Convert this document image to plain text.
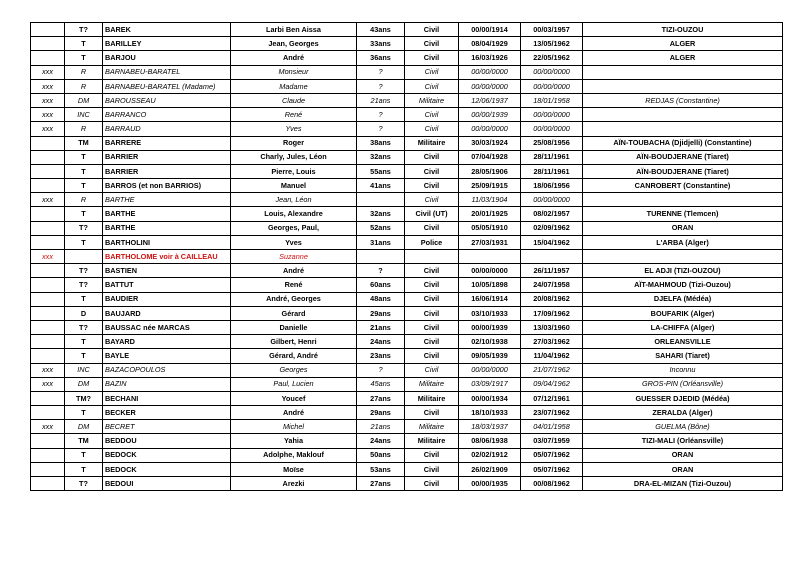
	T?	BAREK	Larbi Ben Aissa	43ans	Civil	00/00/1914	00/03/1957	TIZI-OUZOU
	T	BARILLEY	Jean, Georges	33ans	Civil	08/04/1929	13/05/1962	ALGER
	T	BARJOU	André	36ans	Civil	16/03/1926	22/05/1962	ALGER
xxx	R	BARNABEU-BARATEL	Monsieur	?	Civil	00/00/0000	00/00/0000	
xxx	R	BARNABEU-BARATEL (Madame)	Madame	?	Civil	00/00/0000	00/00/0000	
xxx	DM	BAROUSSEAU	Claude	21ans	Militaire	12/06/1937	18/01/1958	REDJAS (Constantine)
xxx	INC	BARRANCO	René	?	Civil	00/00/1939	00/00/0000	
xxx	R	BARRAUD	Yves	?	Civil	00/00/0000	00/00/0000	
	TM	BARRERE	Roger	38ans	Militaire	30/03/1924	25/08/1956	AÏN-TOUBACHA (Djidjelli) (Constantine)
	T	BARRIER	Charly, Jules, Léon	32ans	Civil	07/04/1928	28/11/1961	AÏN-BOUDJERANE (Tiaret)
	T	BARRIER	Pierre, Louis	55ans	Civil	28/05/1906	28/11/1961	AÏN-BOUDJERANE (Tiaret)
	T	BARROS (et non BARRIOS)	Manuel	41ans	Civil	25/09/1915	18/06/1956	CANROBERT (Constantine)
xxx	R	BARTHE	Jean, Léon		Civil	11/03/1904	00/00/0000	
	T	BARTHE	Louis, Alexandre	32ans	Civil (UT)	20/01/1925	08/02/1957	TURENNE (Tlemcen)
	T?	BARTHE	Georges, Paul,	52ans	Civil	05/05/1910	02/09/1962	ORAN
	T	BARTHOLINI	Yves	31ans	Police	27/03/1931	15/04/1962	L'ARBA (Alger)
xxx		BARTHOLOME voir à CAILLEAU	Suzanne					
	T?	BASTIEN	André	?	Civil	00/00/0000	26/11/1957	EL ADJI (TIZI-OUZOU)
	T?	BATTUT	René	60ans	Civil	10/05/1898	24/07/1958	AÏT-MAHMOUD (Tizi-Ouzou)
	T	BAUDIER	André, Georges	48ans	Civil	16/06/1914	20/08/1962	DJELFA (Médéa)
	D	BAUJARD	Gérard	29ans	Civil	03/10/1933	17/09/1962	BOUFARIK (Alger)
	T?	BAUSSAC née MARCAS	Danielle	21ans	Civil	00/00/1939	13/03/1960	LA-CHIFFA (Alger)
	T	BAYARD	Gilbert, Henri	24ans	Civil	02/10/1938	27/03/1962	ORLEANSVILLE
	T	BAYLE	Gérard, André	23ans	Civil	09/05/1939	11/04/1962	SAHARI (Tiaret)
xxx	INC	BAZACOPOULOS	Georges	?	Civil	00/00/0000	21/07/1962	Inconnu
xxx	DM	BAZIN	Paul, Lucien	45ans	Militaire	03/09/1917	09/04/1962	GROS-PIN (Orléansville)
	TM?	BECHANI	Youcef	27ans	Militaire	00/00/1934	07/12/1961	GUESSER DJEDID (Médéa)
	T	BECKER	André	29ans	Civil	18/10/1933	23/07/1962	ZERALDA (Alger)
xxx	DM	BECRET	Michel	21ans	Militaire	18/03/1937	04/01/1958	GUELMA (Bône)
	TM	BEDDOU	Yahia	24ans	Militaire	08/06/1938	03/07/1959	TIZI-MALI (Orléansville)
	T	BEDOCK	Adolphe, Maklouf	50ans	Civil	02/02/1912	05/07/1962	ORAN
	T	BEDOCK	Moïse	53ans	Civil	26/02/1909	05/07/1962	ORAN
	T?	BEDOUI	Arezki	27ans	Civil	00/00/1935	00/08/1962	DRA-EL-MIZAN (Tizi-Ouzou)
